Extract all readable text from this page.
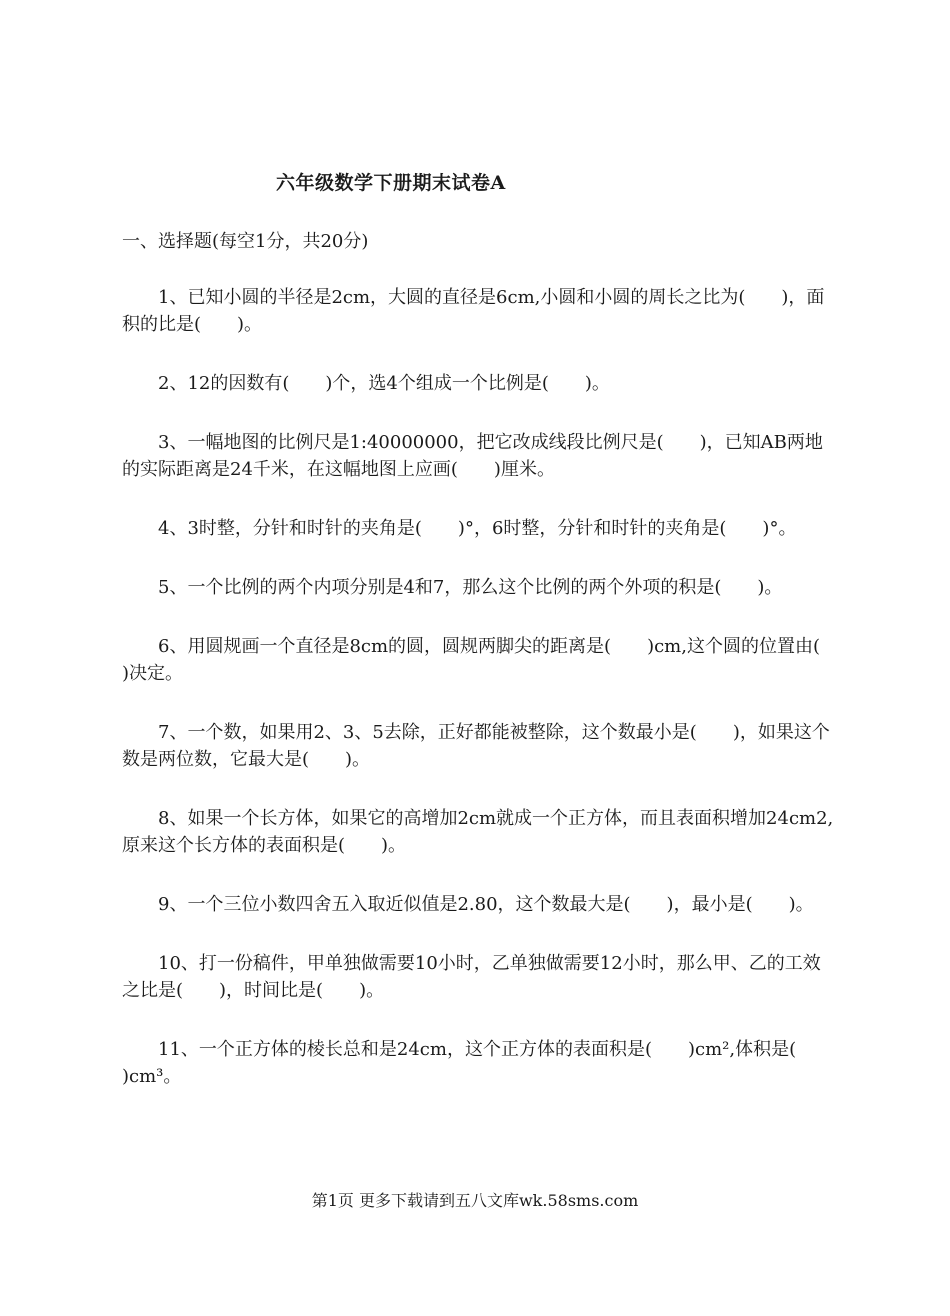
六年级数学下册期末试卷A
一、选择题(每空1分，共20分)

1、已知小圆的半径是2cm，大圆的直径是6cm,小圆和小圆的周长之比为(　　)，面积的比是(　　)。

2、12的因数有(　　)个，选4个组成一个比例是(　　)。

3、一幅地图的比例尺是1:40000000，把它改成线段比例尺是(　　)，已知AB两地的实际距离是24千米，在这幅地图上应画(　　)厘米。

4、3时整，分针和时针的夹角是(　　)°，6时整，分针和时针的夹角是(　　)°。

5、一个比例的两个内项分别是4和7，那么这个比例的两个外项的积是(　　)。

6、用圆规画一个直径是8cm的圆，圆规两脚尖的距离是(　　)cm,这个圆的位置由(　　)决定。

7、一个数，如果用2、3、5去除，正好都能被整除，这个数最小是(　　)，如果这个数是两位数，它最大是(　　)。

8、如果一个长方体，如果它的高增加2cm就成一个正方体，而且表面积增加24cm2,原来这个长方体的表面积是(　　)。

9、一个三位小数四舍五入取近似值是2.80，这个数最大是(　　)，最小是(　　)。

10、打一份稿件，甲单独做需要10小时，乙单独做需要12小时，那么甲、乙的工效之比是(　　)，时间比是(　　)。

11、一个正方体的棱长总和是24cm，这个正方体的表面积是(　　)cm²,体积是(　　)cm³。

第1页 更多下载请到五八文库wk.58sms.com
